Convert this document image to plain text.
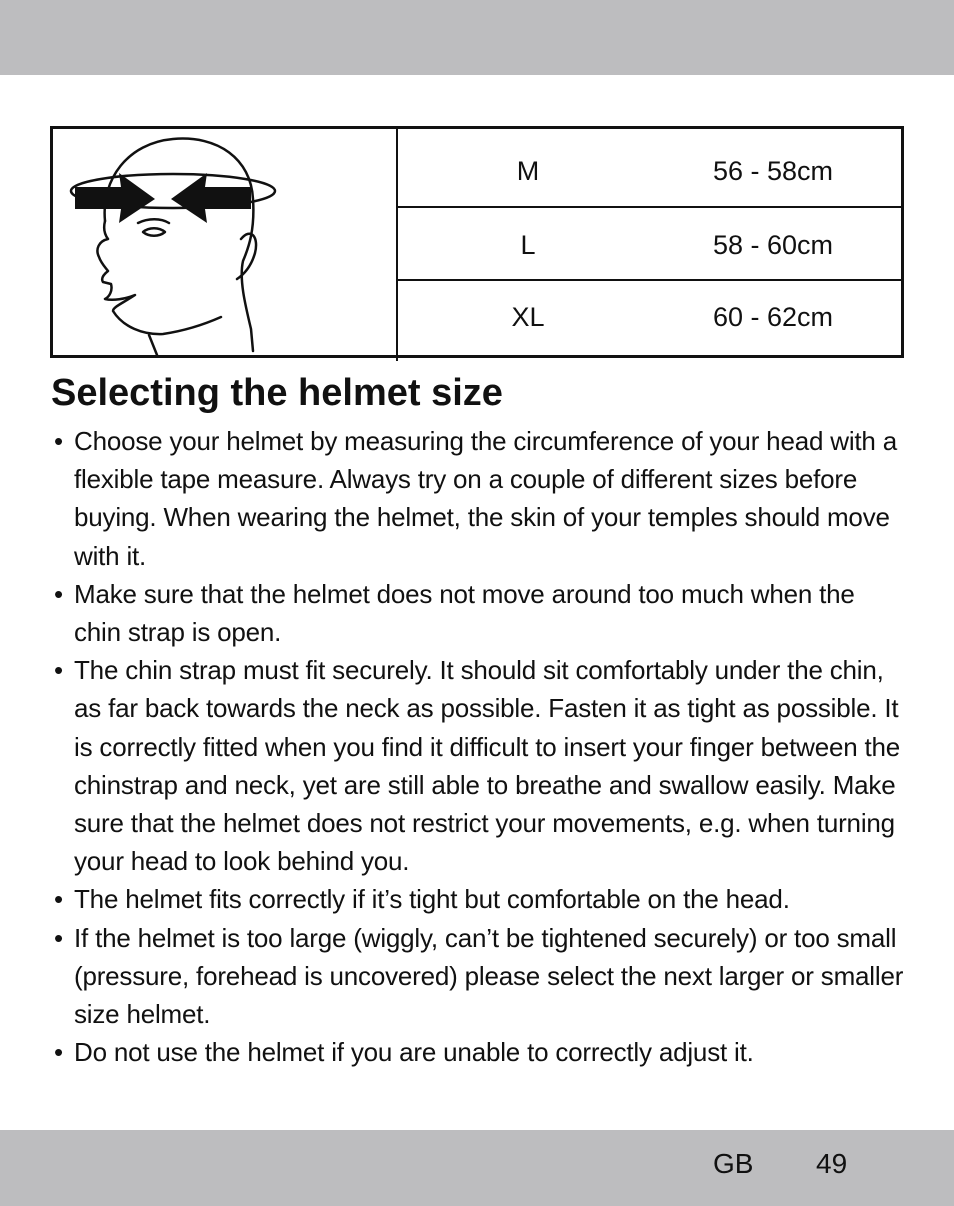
M	56 - 58cm
L	58 - 60cm
XL	60 - 62cm
Selecting the helmet size
• Choose your helmet by measuring the circumference of your head with a flexible tape measure. Always try on a couple of different sizes before buying. When wearing the helmet, the skin of your temples should move with it.
• Make sure that the helmet does not move around too much when the chin strap is open.
• The chin strap must fit securely. It should sit comfortably under the chin, as far back towards the neck as possible. Fasten it as tight as possible. It is correctly fitted when you find it difficult to insert your finger between the chinstrap and neck, yet are still able to breathe and swallow easily. Make sure that the helmet does not restrict your movements, e.g. when turning your head to look behind you.
• The helmet fits correctly if it’s tight but comfortable on the head.
• If the helmet is too large (wiggly, can’t be tightened securely) or too small (pressure, forehead is uncovered) please select the next larger or smaller size helmet.
• Do not use the helmet if you are unable to correctly adjust it.
GB 49
